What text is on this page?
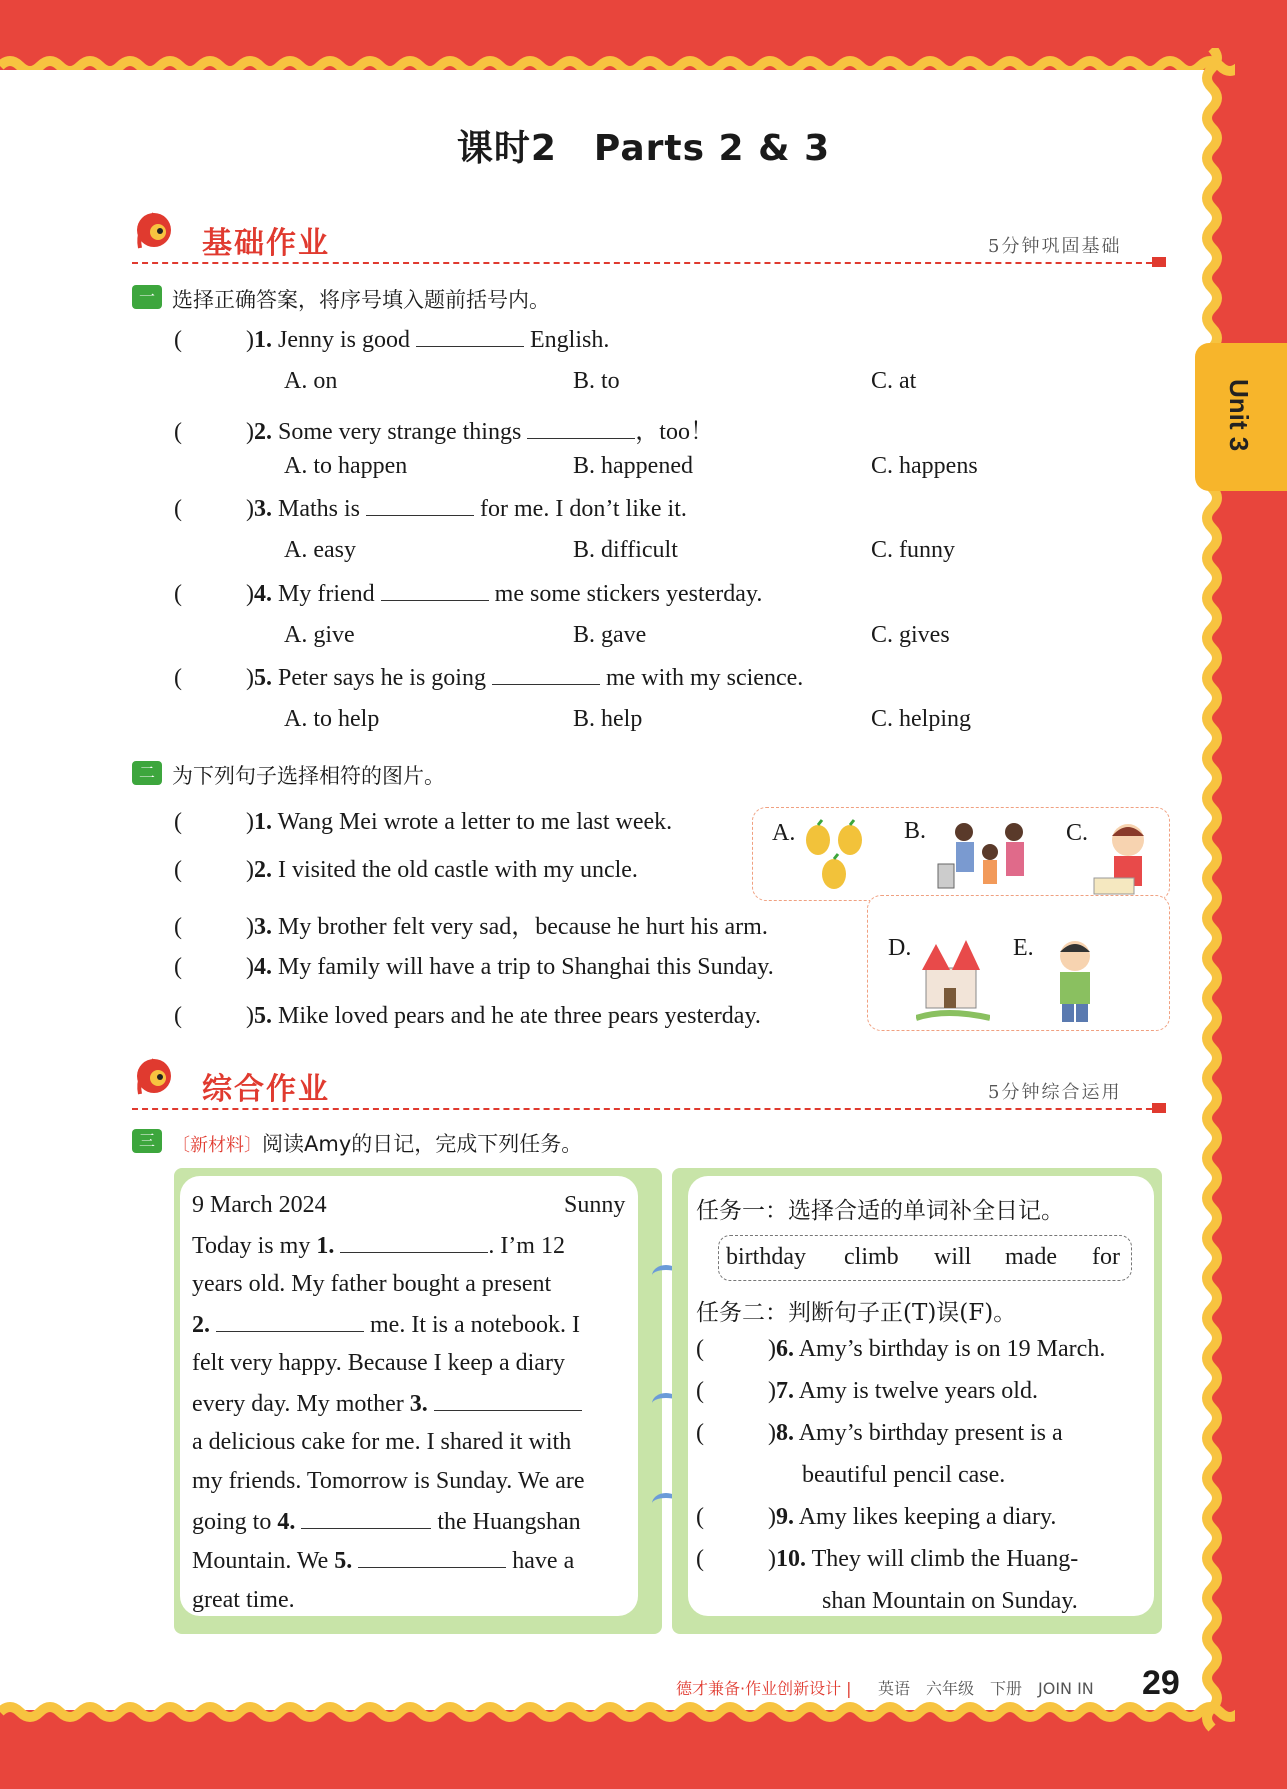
Unit 3
课时2　Parts 2 & 3
基础作业	5分钟巩固基础
一 选择正确答案，将序号填入题前括号内。
(	)1. Jenny is good	English.
A. on	B. to	C. at
(	)2. Some very strange things	，too！
A. to happen	B. happened	C. happens
(	)3. Maths is	for me. I don’t like it.
A. easy	B. difficult	C. funny
(	)4. My friend	me some stickers yesterday.
A. give	B. gave	C. gives
(	)5. Peter says he is going	me with my science.
A. to help	B. help	C. helping
二 为下列句子选择相符的图片。
(	)1. Wang Mei wrote a letter to me last week.
(	)2. I visited the old castle with my uncle.
(	)3. My brother felt very sad，because he hurt his arm.
(	)4. My family will have a trip to Shanghai this Sunday.
(	)5. Mike loved pears and he ate three pears yesterday.
A.	B.	C.
D.	E.
综合作业	5分钟综合运用
三 〔新材料〕阅读Amy的日记，完成下列任务。
9 March 2024	Sunny
Today is my 1.	. I’m 12
years old. My father bought a present
2.	me. It is a notebook. I
felt very happy. Because I keep a diary
every day. My mother 3.
a delicious cake for me. I shared it with
my friends. Tomorrow is Sunday. We are
going to 4.	the Huangshan
Mountain. We 5.	have a
great time.
任务一：选择合适的单词补全日记。
birthday climb will made for
任务二：判断句子正(T)误(F)。
(	)6. Amy’s birthday is on 19 March.
(	)7. Amy is twelve years old.
(	)8. Amy’s birthday present is a
beautiful pencil case.
(	)9. Amy likes keeping a diary.
(	)10. They will climb the Huang-
shan Mountain on Sunday.
德才兼备·作业创新设计 | 英语　六年级　下册　JOIN IN 29
